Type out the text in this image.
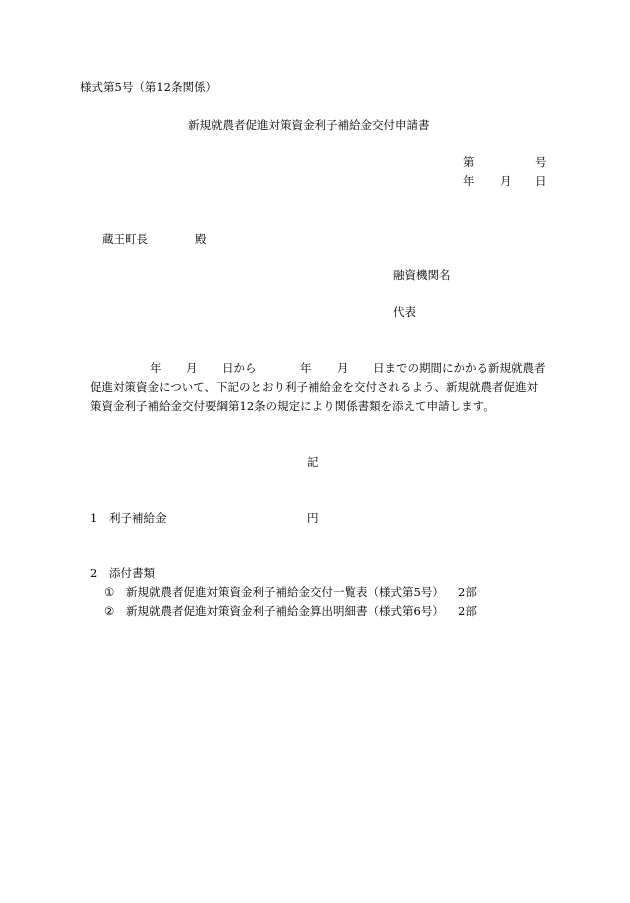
様式第5号（第12条関係）
新規就農者促進対策資金利子補給金交付申請書
第	号
年 月 日
蔵王町長	殿
融資機関名
代表
年 月 日から	年 月 日までの期間にかかる新規就農者
促進対策資金について、下記のとおり利子補給金を交付されるよう、新規就農者促進対
策資金利子補給金交付要綱第12条の規定により関係書類を添えて申請します。
記
1 利子補給金	円
2 添付書類
① 新規就農者促進対策資金利子補給金交付一覧表（様式第5号） 2部
② 新規就農者促進対策資金利子補給金算出明細書（様式第6号） 2部
